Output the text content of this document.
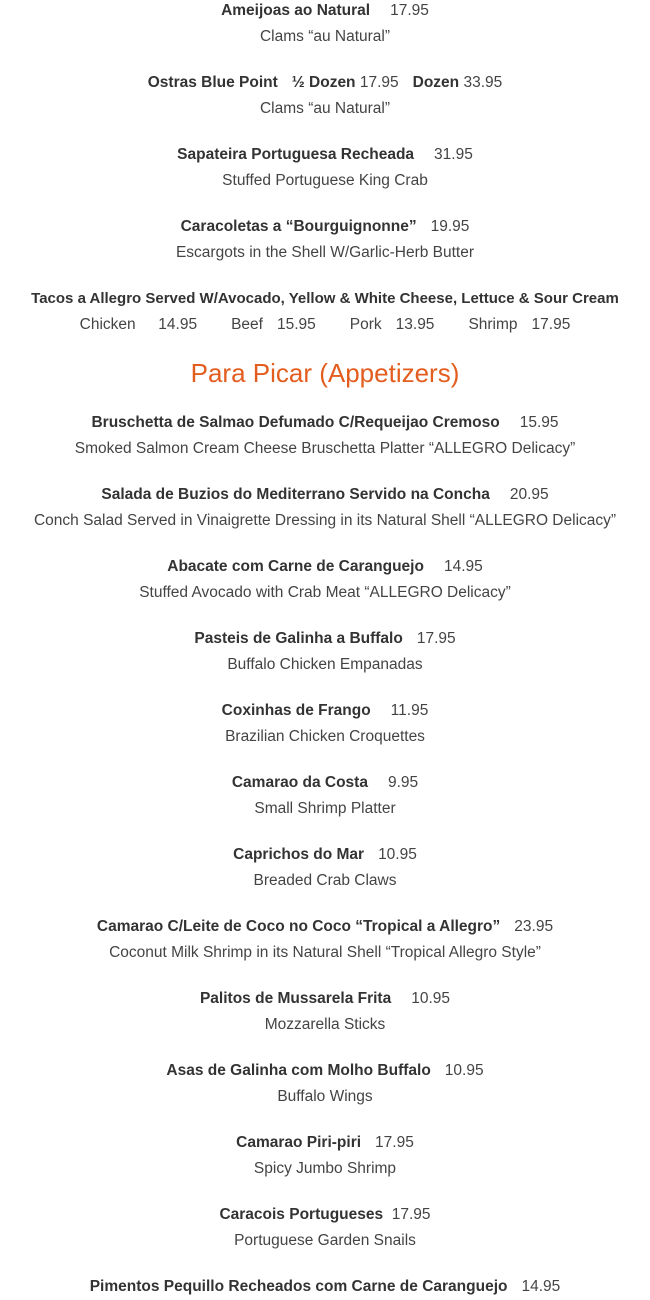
Ameijoas ao Natural 17.95
Clams “au Natural”
Ostras Blue Point ½ Dozen 17.95 Dozen 33.95
Clams “au Natural”
Sapateira Portuguesa Recheada 31.95
Stuffed Portuguese King Crab
Caracoletas a “Bourguignonne” 19.95
Escargots in the Shell W/Garlic-Herb Butter
Tacos a Allegro Served W/Avocado, Yellow & White Cheese, Lettuce & Sour Cream
Chicken 14.95 Beef 15.95 Pork 13.95 Shrimp 17.95
Para Picar (Appetizers)
Bruschetta de Salmao Defumado C/Requeijao Cremoso 15.95
Smoked Salmon Cream Cheese Bruschetta Platter “ALLEGRO Delicacy”
Salada de Buzios do Mediterrano Servido na Concha 20.95
Conch Salad Served in Vinaigrette Dressing in its Natural Shell “ALLEGRO Delicacy”
Abacate com Carne de Caranguejo 14.95
Stuffed Avocado with Crab Meat “ALLEGRO Delicacy”
Pasteis de Galinha a Buffalo 17.95
Buffalo Chicken Empanadas
Coxinhas de Frango 11.95
Brazilian Chicken Croquettes
Camarao da Costa 9.95
Small Shrimp Platter
Caprichos do Mar 10.95
Breaded Crab Claws
Camarao C/Leite de Coco no Coco “Tropical a Allegro” 23.95
Coconut Milk Shrimp in its Natural Shell “Tropical Allegro Style”
Palitos de Mussarela Frita 10.95
Mozzarella Sticks
Asas de Galinha com Molho Buffalo 10.95
Buffalo Wings
Camarao Piri-piri 17.95
Spicy Jumbo Shrimp
Caracois Portugueses 17.95
Portuguese Garden Snails
Pimentos Pequillo Recheados com Carne de Caranguejo 14.95
